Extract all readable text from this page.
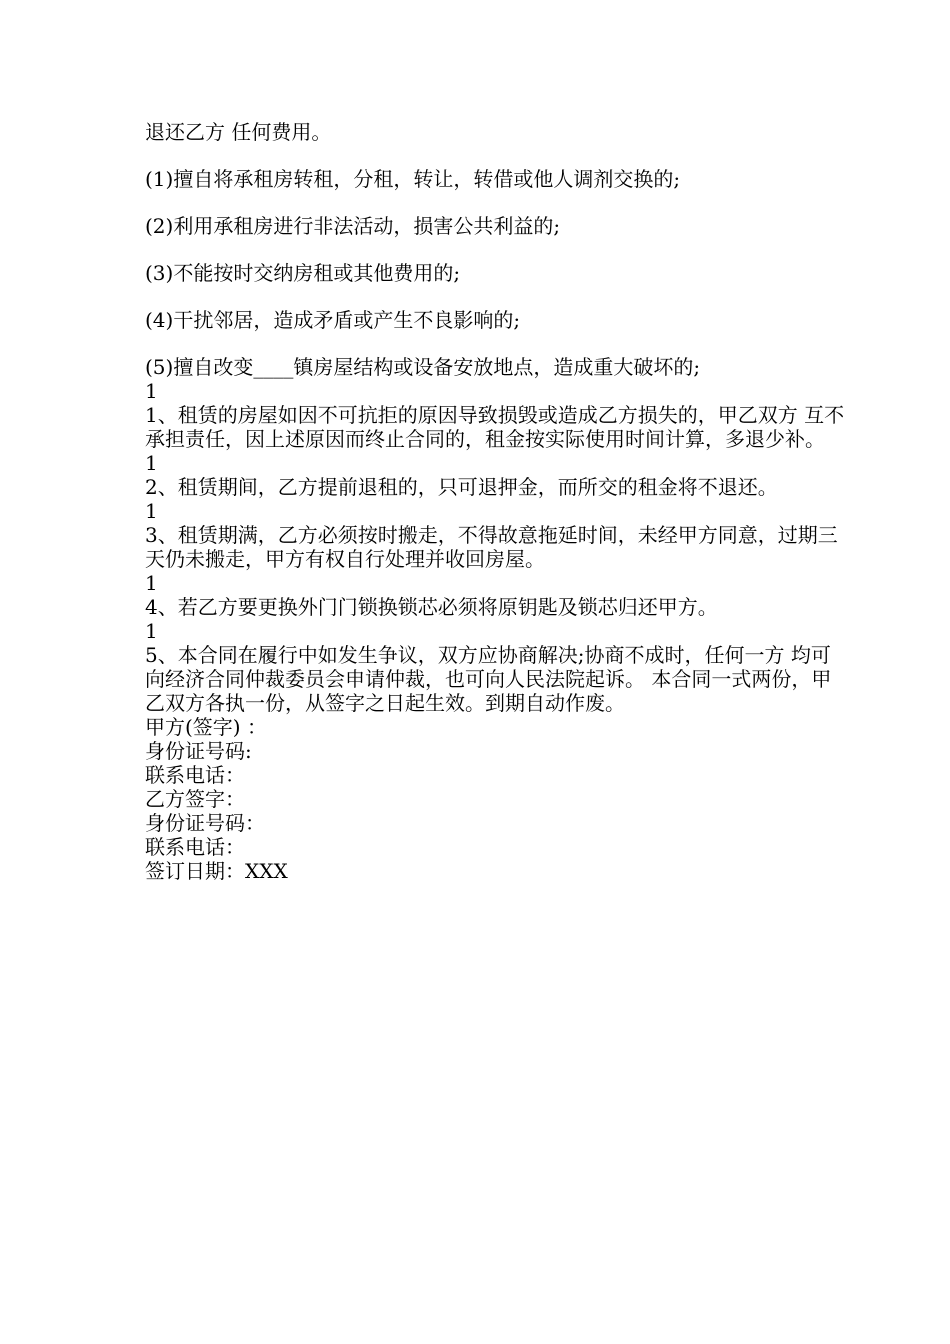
退还乙方 任何费用。

(1)擅自将承租房转租，分租，转让，转借或他人调剂交换的;

(2)利用承租房进行非法活动，损害公共利益的;

(3)不能按时交纳房租或其他费用的;

(4)干扰邻居，造成矛盾或产生不良影响的;

(5)擅自改变____镇房屋结构或设备安放地点，造成重大破坏的;

1

1、租赁的房屋如因不可抗拒的原因导致损毁或造成乙方损失的，甲乙双方 互不承担责任，因上述原因而终止合同的，租金按实际使用时间计算，多退少补。

1

2、租赁期间，乙方提前退租的，只可退押金，而所交的租金将不退还。

1

3、租赁期满，乙方必须按时搬走，不得故意拖延时间，未经甲方同意，过期三天仍未搬走，甲方有权自行处理并收回房屋。

1

4、若乙方要更换外门门锁换锁芯必须将原钥匙及锁芯归还甲方。

1

5、本合同在履行中如发生争议，双方应协商解决;协商不成时，任何一方 均可向经济合同仲裁委员会申请仲裁，也可向人民法院起诉。 本合同一式两份，甲乙双方各执一份，从签字之日起生效。到期自动作废。

甲方(签字) ：

身份证号码:

联系电话：

乙方签字：

身份证号码：

联系电话：

签订日期：XXX
